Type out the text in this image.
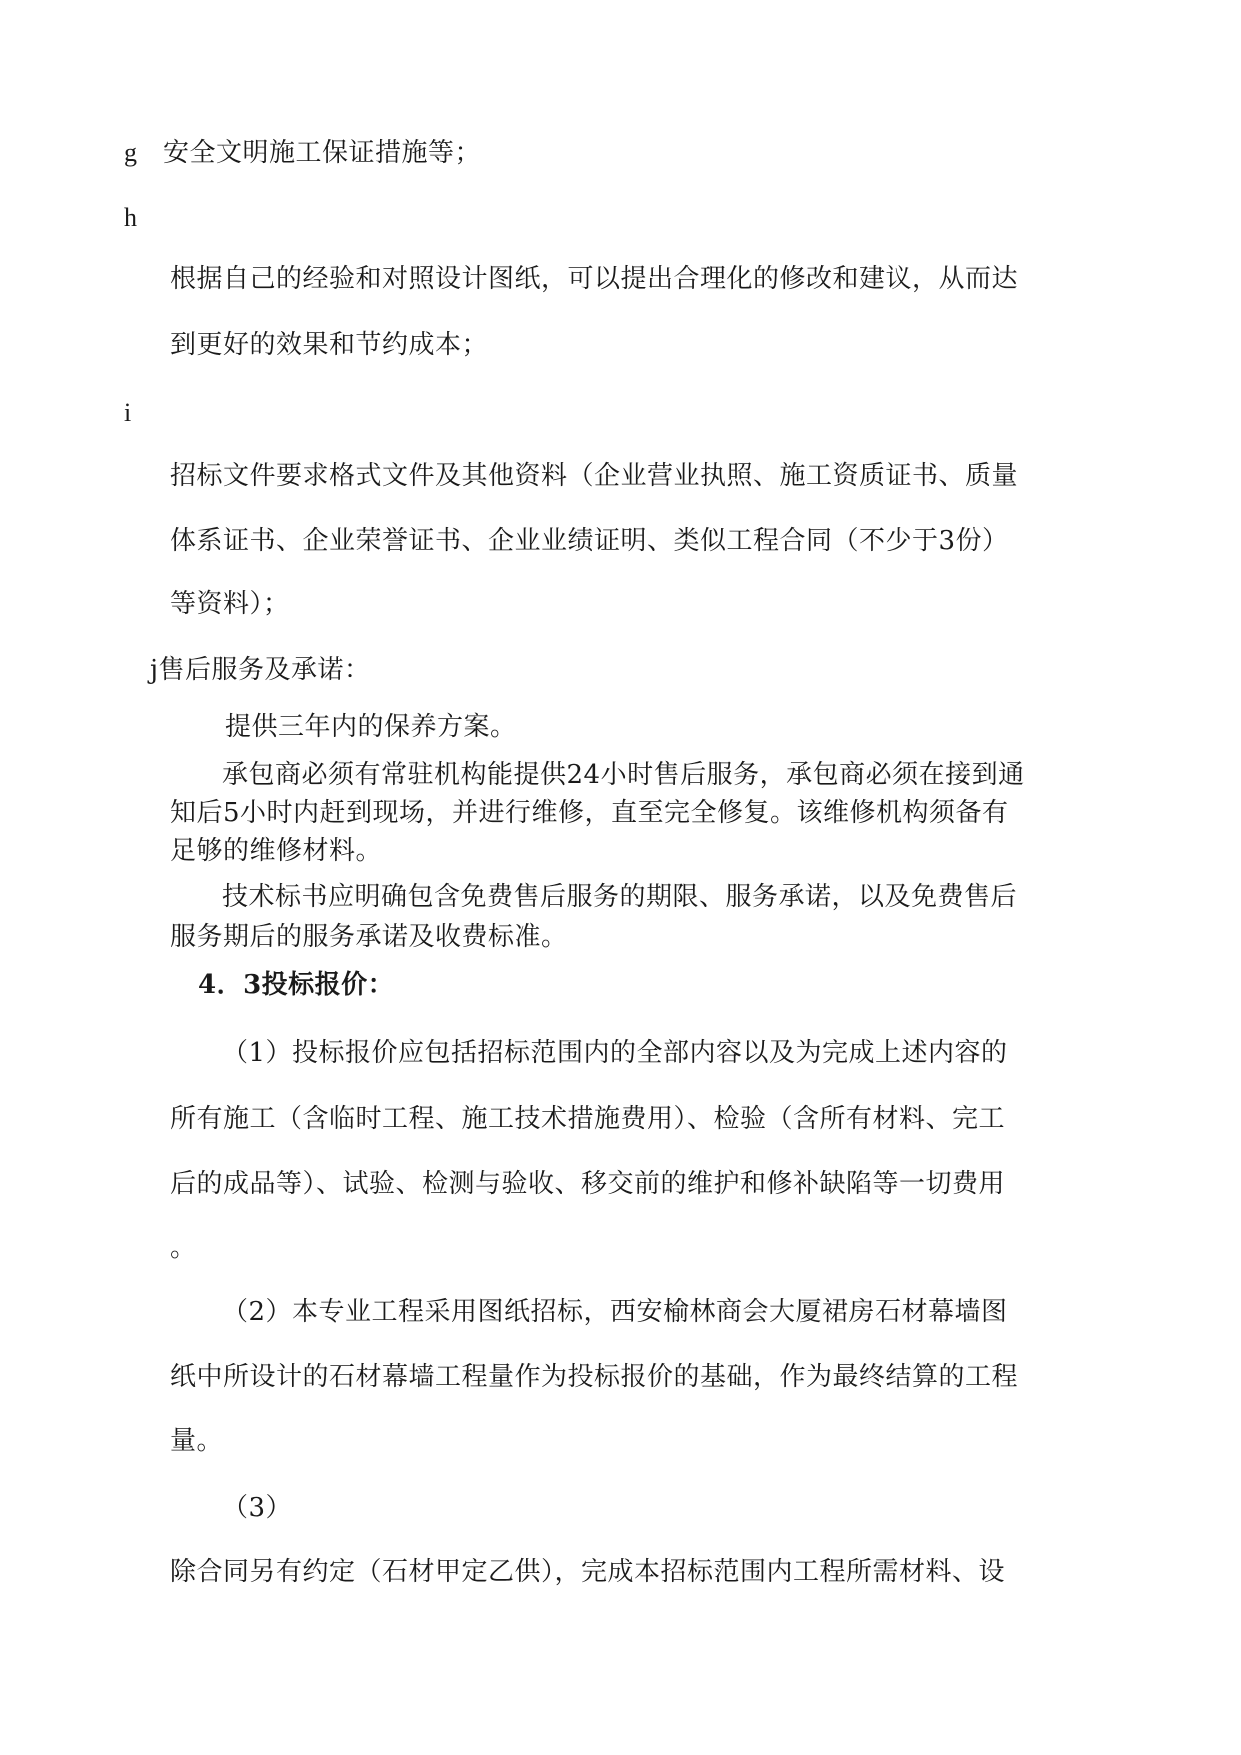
g 安全文明施工保证措施等；
h
根据自己的经验和对照设计图纸，可以提出合理化的修改和建议，从而达
到更好的效果和节约成本；
i
招标文件要求格式文件及其他资料（企业营业执照、施工资质证书、质量
体系证书、企业荣誉证书、企业业绩证明、类似工程合同（不少于3份）
等资料）；
j售后服务及承诺：
提供三年内的保养方案。
承包商必须有常驻机构能提供24小时售后服务，承包商必须在接到通
知后5小时内赶到现场，并进行维修，直至完全修复。该维修机构须备有
足够的维修材料。
技术标书应明确包含免费售后服务的期限、服务承诺，以及免费售后
服务期后的服务承诺及收费标准。
4．3投标报价：
（1）投标报价应包括招标范围内的全部内容以及为完成上述内容的
所有施工（含临时工程、施工技术措施费用）、检验（含所有材料、完工
后的成品等）、试验、检测与验收、移交前的维护和修补缺陷等一切费用
。
（2）本专业工程采用图纸招标，西安榆林商会大厦裙房石材幕墙图
纸中所设计的石材幕墙工程量作为投标报价的基础，作为最终结算的工程
量。
（3）
除合同另有约定（石材甲定乙供），完成本招标范围内工程所需材料、设
